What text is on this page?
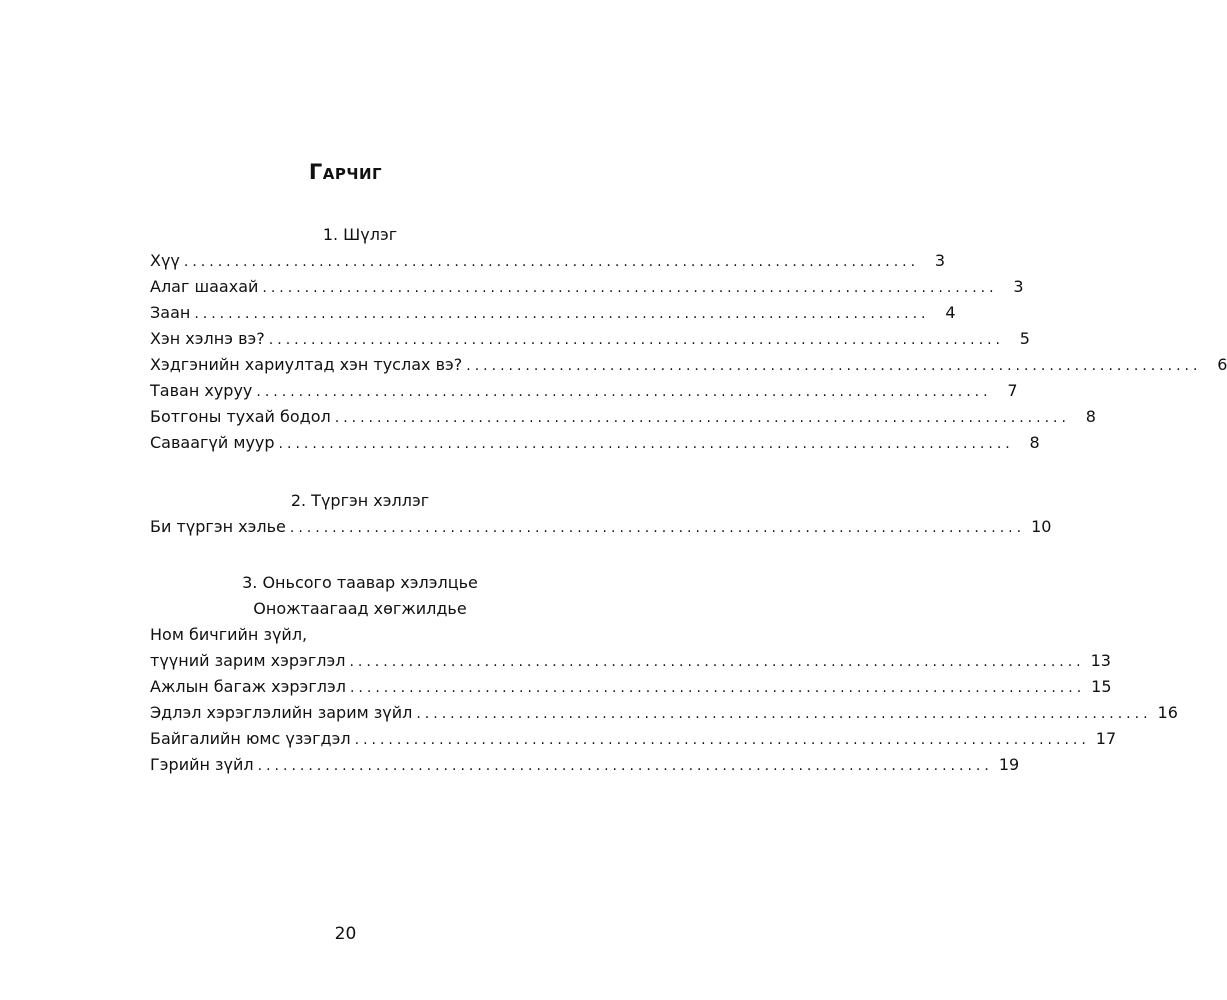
Гарчиг
1. Шүлэг
Хүү ....................................................................................... 3
Алаг шаахай ....................................................................................... 3
Заан ....................................................................................... 4
Хэн хэлнэ вэ? ....................................................................................... 5
Хэдгэнийн хариултад хэн туслах вэ? ....................................................................................... 6
Таван хуруу ....................................................................................... 7
Ботгоны тухай бодол ....................................................................................... 8
Саваагүй муур ....................................................................................... 8
2. Түргэн хэллэг
Би түргэн хэлье ....................................................................................... 10
3. Оньсого таавар хэлэлцье
Оножтаагаад хөгжилдье
Ном бичгийн зүйл,
түүний зарим хэрэглэл ....................................................................................... 13
Ажлын багаж хэрэглэл ....................................................................................... 15
Эдлэл хэрэглэлийн зарим зүйл ....................................................................................... 16
Байгалийн юмс үзэгдэл ....................................................................................... 17
Гэрийн зүйл ....................................................................................... 19
20
